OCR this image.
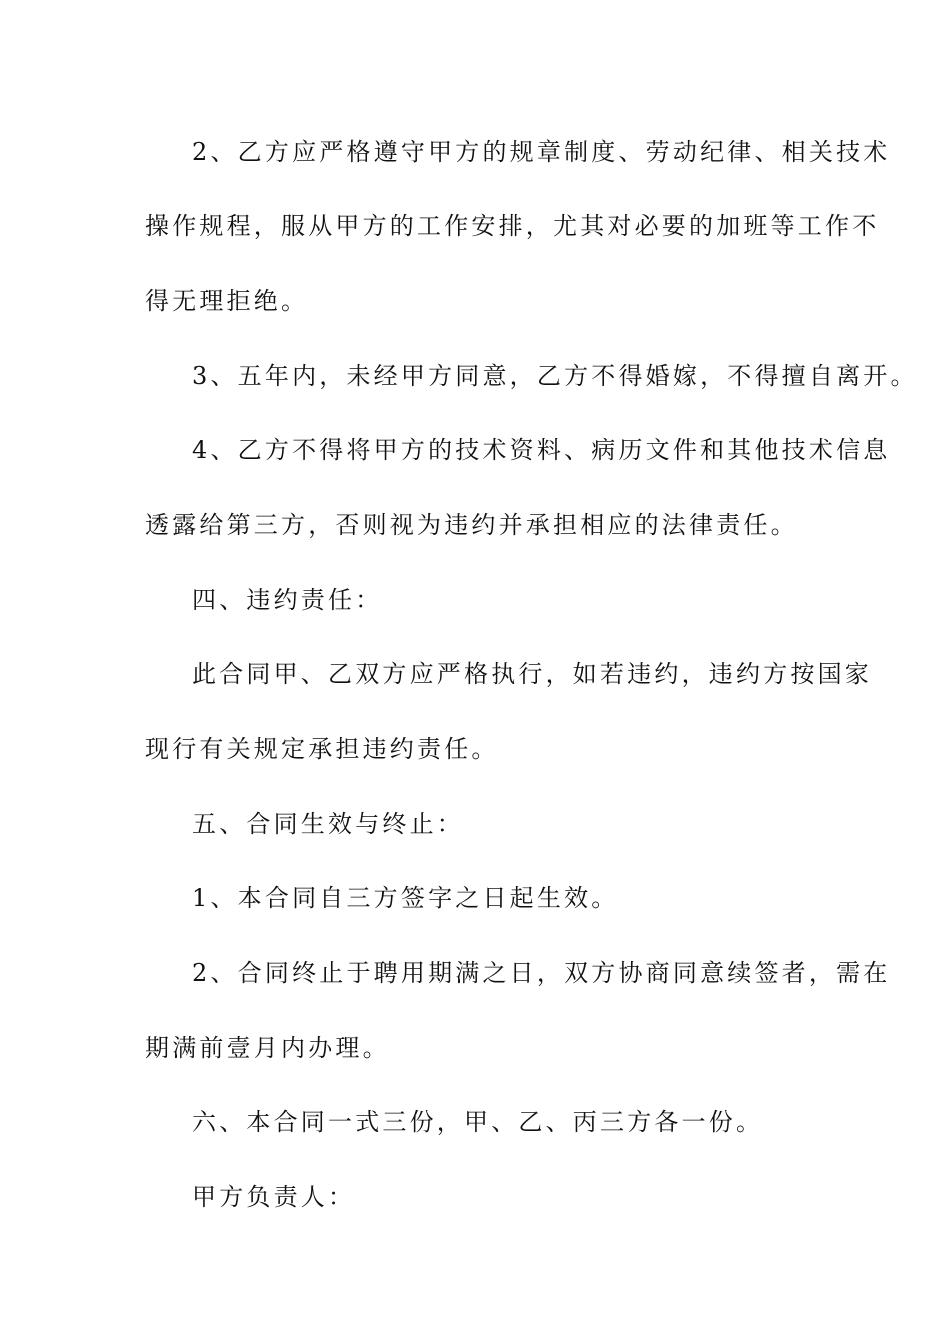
2、乙方应严格遵守甲方的规章制度、劳动纪律、相关技术
操作规程，服从甲方的工作安排，尤其对必要的加班等工作不
得无理拒绝。
3、五年内，未经甲方同意，乙方不得婚嫁，不得擅自离开。
4、乙方不得将甲方的技术资料、病历文件和其他技术信息
透露给第三方，否则视为违约并承担相应的法律责任。
四、违约责任：
此合同甲、乙双方应严格执行，如若违约，违约方按国家
现行有关规定承担违约责任。
五、合同生效与终止：
1、本合同自三方签字之日起生效。
2、合同终止于聘用期满之日，双方协商同意续签者，需在
期满前壹月内办理。
六、本合同一式三份，甲、乙、丙三方各一份。
甲方负责人：
